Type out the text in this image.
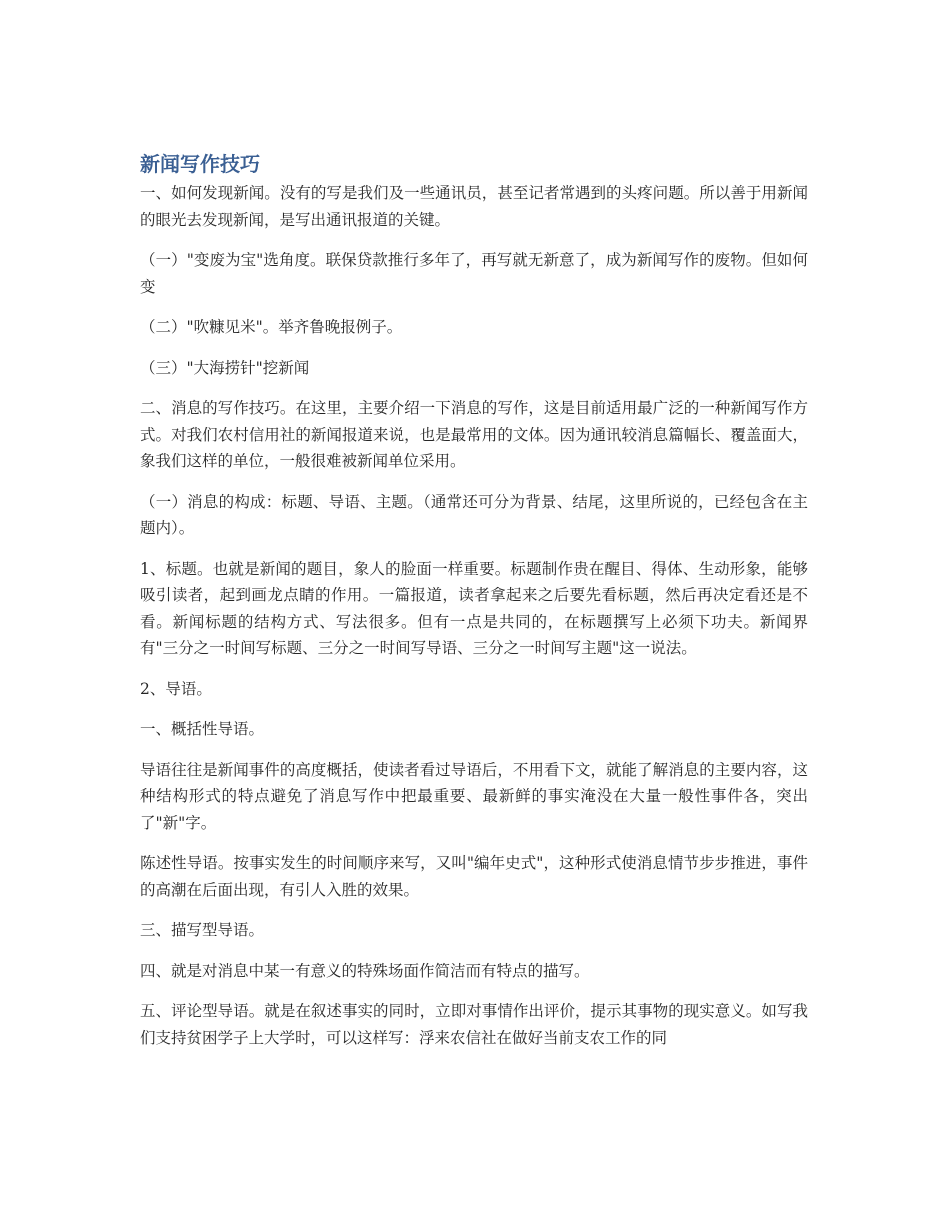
新闻写作技巧

一、如何发现新闻。没有的写是我们及一些通讯员，甚至记者常遇到的头疼问题。所以善于用新闻的眼光去发现新闻，是写出通讯报道的关键。

（一）"变废为宝"选角度。联保贷款推行多年了，再写就无新意了，成为新闻写作的废物。但如何变

（二）"吹糠见米"。举齐鲁晚报例子。

（三）"大海捞针"挖新闻

二、消息的写作技巧。在这里，主要介绍一下消息的写作，这是目前适用最广泛的一种新闻写作方式。对我们农村信用社的新闻报道来说，也是最常用的文体。因为通讯较消息篇幅长、覆盖面大，象我们这样的单位，一般很难被新闻单位采用。

（一）消息的构成：标题、导语、主题。（通常还可分为背景、结尾，这里所说的，已经包含在主题内）。

1、标题。也就是新闻的题目，象人的脸面一样重要。标题制作贵在醒目、得体、生动形象，能够吸引读者，起到画龙点睛的作用。一篇报道，读者拿起来之后要先看标题，然后再决定看还是不看。新闻标题的结构方式、写法很多。但有一点是共同的，在标题撰写上必须下功夫。新闻界有"三分之一时间写标题、三分之一时间写导语、三分之一时间写主题"这一说法。

2、导语。

一、概括性导语。

导语往往是新闻事件的高度概括，使读者看过导语后，不用看下文，就能了解消息的主要内容，这种结构形式的特点避免了消息写作中把最重要、最新鲜的事实淹没在大量一般性事件各，突出了"新"字。

陈述性导语。按事实发生的时间顺序来写，又叫"编年史式"，这种形式使消息情节步步推进，事件的高潮在后面出现，有引人入胜的效果。

三、描写型导语。

四、就是对消息中某一有意义的特殊场面作简洁而有特点的描写。

五、评论型导语。就是在叙述事实的同时，立即对事情作出评价，提示其事物的现实意义。如写我们支持贫困学子上大学时，可以这样写：浮来农信社在做好当前支农工作的同
